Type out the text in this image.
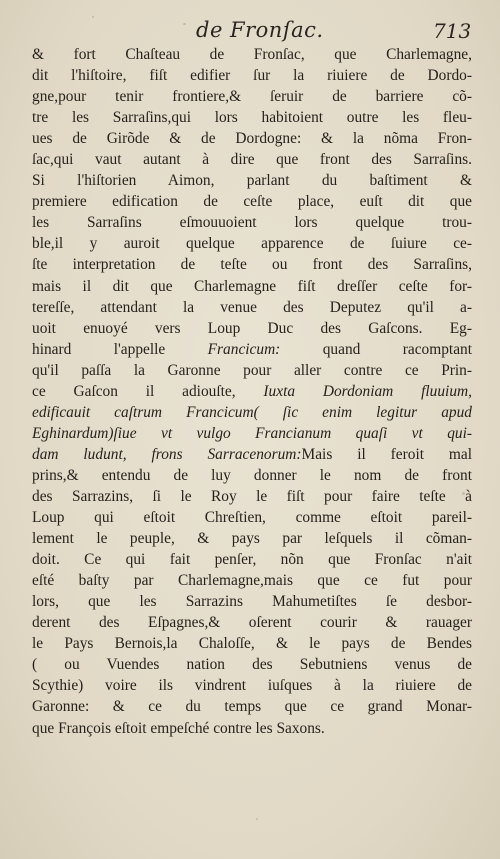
de Fronſac.	713
& fort Chaſteau de Fronſac, que Charlemagne,
dit l'hiſtoire, fiſt edifier ſur la riuiere de Dordo-
gne,pour tenir frontiere,& ſeruir de barriere cõ-
tre les Sarraſins,qui lors habitoient outre les fleu-
ues de Girõde & de Dordogne: & la nõma Fron-
ſac,qui vaut autant à dire que front des Sarraſins.
Si l'hiſtorien Aimon, parlant du baſtiment &
premiere edification de ceſte place, euſt dit que
les Sarraſins eſmouuoient lors quelque trou-
ble,il y auroit quelque apparence de ſuiure ce-
ſte interpretation de teſte ou front des Sarraſins,
mais il dit que Charlemagne fiſt dreſſer ceſte for-
tereſſe, attendant la venue des Deputez qu'il a-
uoit enuoyé vers Loup Duc des Gaſcons. Eg-
hinard l'appelle Francicum: quand racomptant
qu'il paſſa la Garonne pour aller contre ce Prin-
ce Gaſcon il adiouſte, Iuxta Dordoniam fluuium,
edificauit caſtrum Francicum( ſic enim legitur apud
Eghinardum)ſiue vt vulgo Francianum quaſi vt qui-
dam ludunt, frons Sarracenorum:Mais il feroit mal
prins,& entendu de luy donner le nom de front
des Sarrazins, ſi le Roy le fiſt pour faire teſte à
Loup qui eſtoit Chreſtien, comme eſtoit pareil-
lement le peuple, & pays par leſquels il cõman-
doit. Ce qui fait penſer, nõn que Fronſac n'ait
eſté baſty par Charlemagne,mais que ce fut pour
lors, que les Sarrazins Mahumetiſtes ſe desbor-
derent des Eſpagnes,& oſerent courir & rauager
le Pays Bernois,la Chaloſſe, & le pays de Bendes
( ou Vuendes nation des Sebutniens venus de
Scythie) voire ils vindrent iuſques à la riuiere de
Garonne: & ce du temps que ce grand Monar-
que François eſtoit empeſché contre les Saxons.
